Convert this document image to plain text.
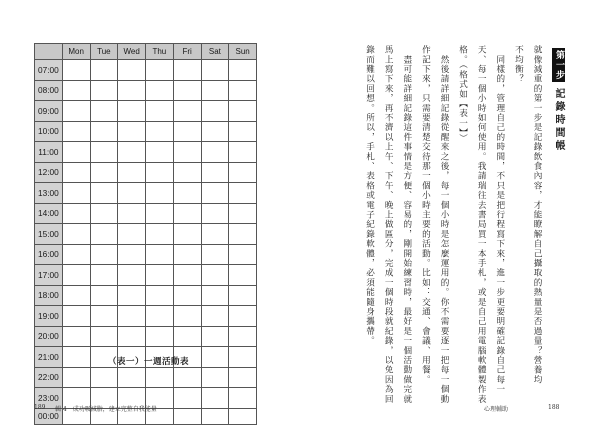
	Mon	Tue	Wed	Thu	Fri	Sat	Sun
07:00							
08:00							
09:00							
10:00							
11:00							
12:00							
13:00							
14:00							
15:00							
16:00							
17:00							
18:00							
19:00							
20:00							
21:00							
22:00							
23:00							
00:00							
（表一）一週活動表
189 輯 4　成功吸減脂，建立完整自我能量	心理輔助	188
第一步
記錄時間帳
就像減重的第一步是記錄飲食內容，才能瞭解自己攝取的熱量是否過量？營養均
不均衡？
　同樣的，管理自己的時間，不只是把行程寫下來，進一步更要明確記錄自己每一
天、每一個小時如何使用。我請瑞往去書局買一本手札，或是自己用電腦軟體製作表
格。（格式如【表一】）
　然後請詳細記錄從醒來之後，每一個小時是怎麼運用的。你不需要逐一把每一個動
作記下來，只需要清楚交待那一個小時主要的活動。比如：交通、會議、用餐。
　盡可能詳細記錄這件事情是方便、容易的，剛開始練習時，最好是一個活動做完就
馬上寫下來，再不濟以上午、下午、晚上做區分，完成一個時段就紀錄，以免因為回
錄而難以回想。所以，手札、表格或電子紀錄軟體，必須能隨身攜帶。
